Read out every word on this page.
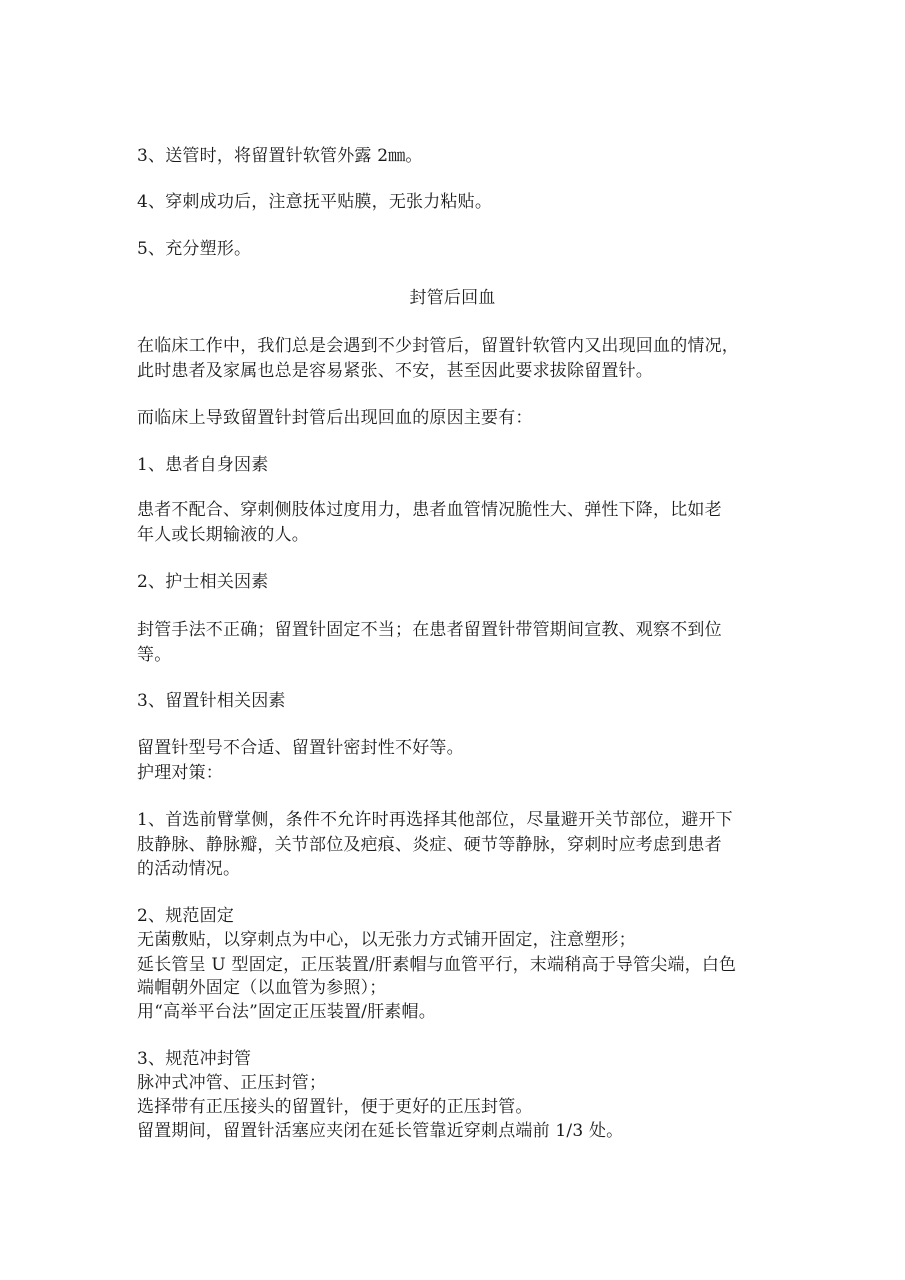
3、送管时，将留置针软管外露 2㎜。
4、穿刺成功后，注意抚平贴膜，无张力粘贴。
5、充分塑形。
封管后回血
在临床工作中，我们总是会遇到不少封管后，留置针软管内又出现回血的情况，
此时患者及家属也总是容易紧张、不安，甚至因此要求拔除留置针。
而临床上导致留置针封管后出现回血的原因主要有：
1、患者自身因素
患者不配合、穿刺侧肢体过度用力，患者血管情况脆性大、弹性下降，比如老
年人或长期输液的人。
2、护士相关因素
封管手法不正确；留置针固定不当；在患者留置针带管期间宣教、观察不到位
等。
3、留置针相关因素
留置针型号不合适、留置针密封性不好等。
护理对策：
1、首选前臂掌侧，条件不允许时再选择其他部位，尽量避开关节部位，避开下
肢静脉、静脉瓣，关节部位及疤痕、炎症、硬节等静脉，穿刺时应考虑到患者
的活动情况。
2、规范固定
无菌敷贴，以穿刺点为中心，以无张力方式铺开固定，注意塑形；
延长管呈 U 型固定，正压装置/肝素帽与血管平行，末端稍高于导管尖端，白色
端帽朝外固定（以血管为参照）；
用“高举平台法”固定正压装置/肝素帽。
3、规范冲封管
脉冲式冲管、正压封管；
选择带有正压接头的留置针，便于更好的正压封管。
留置期间，留置针活塞应夹闭在延长管靠近穿刺点端前 1/3 处。
